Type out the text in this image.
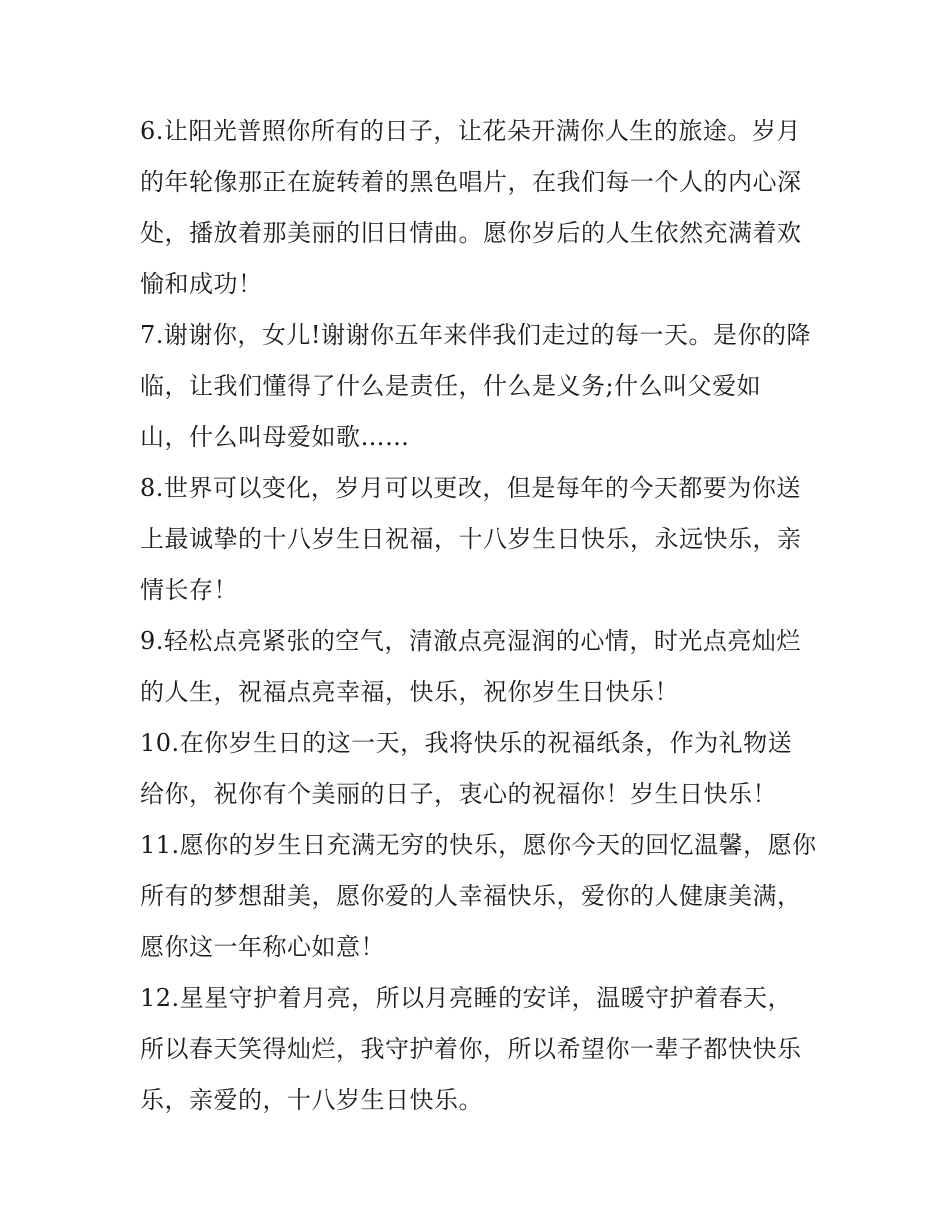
6.让阳光普照你所有的日子，让花朵开满你人生的旅途。岁月
的年轮像那正在旋转着的黑色唱片，在我们每一个人的内心深
处，播放着那美丽的旧日情曲。愿你岁后的人生依然充满着欢
愉和成功！
7.谢谢你，女儿!谢谢你五年来伴我们走过的每一天。是你的降
临，让我们懂得了什么是责任，什么是义务;什么叫父爱如
山，什么叫母爱如歌……
8.世界可以变化，岁月可以更改，但是每年的今天都要为你送
上最诚挚的十八岁生日祝福，十八岁生日快乐，永远快乐，亲
情长存！
9.轻松点亮紧张的空气，清澈点亮湿润的心情，时光点亮灿烂
的人生，祝福点亮幸福，快乐，祝你岁生日快乐！
10.在你岁生日的这一天，我将快乐的祝福纸条，作为礼物送
给你，祝你有个美丽的日子，衷心的祝福你！岁生日快乐！
11.愿你的岁生日充满无穷的快乐，愿你今天的回忆温馨，愿你
所有的梦想甜美，愿你爱的人幸福快乐，爱你的人健康美满，
愿你这一年称心如意！
12.星星守护着月亮，所以月亮睡的安详，温暖守护着春天，
所以春天笑得灿烂，我守护着你，所以希望你一辈子都快快乐
乐，亲爱的，十八岁生日快乐。
